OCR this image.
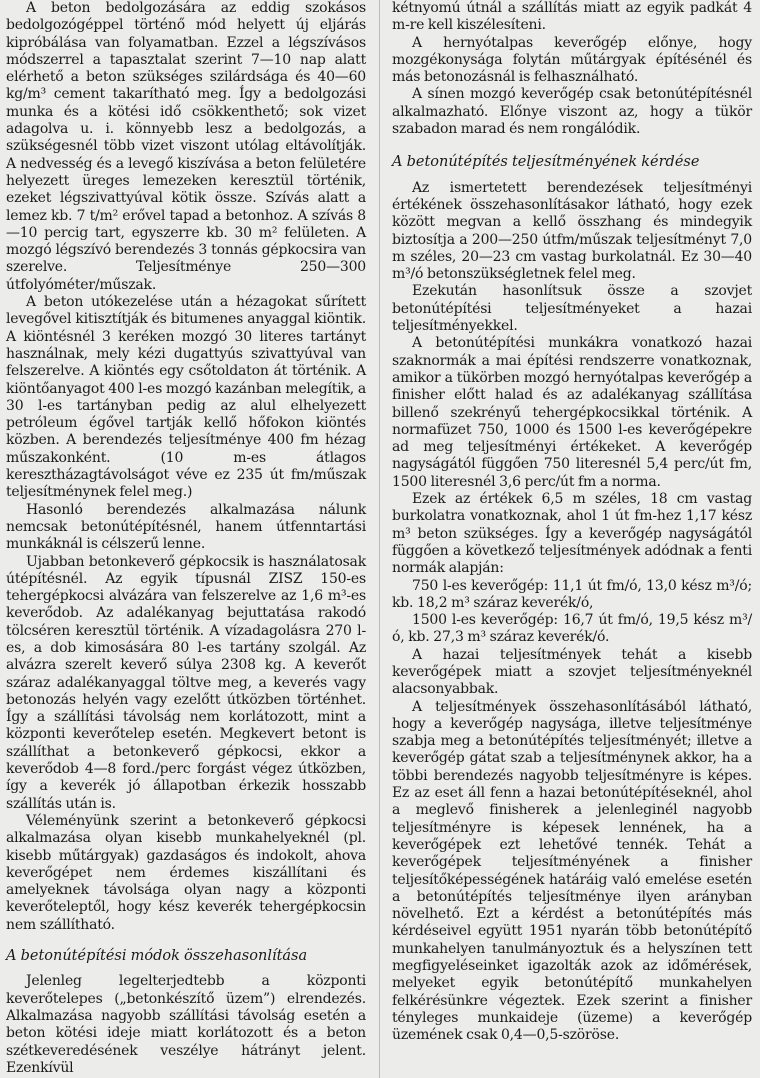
A beton bedolgozására az eddig szokásos bedolgozógéppel történő mód helyett új eljárás kipróbálása van folyamatban. Ezzel a légszívásos módszerrel a tapasztalat szerint 7—10 nap alatt elérhető a beton szükséges szilárdsága és 40—60 kg/m³ cement takarítható meg. Így a bedolgozási munka és a kötési idő csökkenthető; sok vizet adagolva u. i. könnyebb lesz a bedolgozás, a szükségesnél több vizet viszont utólag eltávolítják. A nedvesség és a levegő kiszívása a beton felületére helyezett üreges lemezeken keresztül történik, ezeket légszivattyúval kötik össze. Szívás alatt a lemez kb. 7 t/m² erővel tapad a betonhoz. A szívás 8—10 percig tart, egyszerre kb. 30 m² felületen. A mozgó légszívó berendezés 3 tonnás gépkocsira van szerelve. Teljesítménye 250—300 útfolyóméter/műszak.

A beton utókezelése után a hézagokat sűrített levegővel kitisztítják és bitumenes anyaggal kiöntik. A kiöntésnél 3 keréken mozgó 30 literes tartányt használnak, mely kézi dugattyús szivattyúval van felszerelve. A kiöntés egy csőtoldaton át történik. A kiöntőanyagot 400 l-es mozgó kazánban melegítik, a 30 l-es tartányban pedig az alul elhelyezett petróleum égővel tartják kellő hőfokon kiöntés közben. A berendezés teljesítménye 400 fm hézag műszakonként. (10 m-es átlagos keresztházagtávolságot véve ez 235 út fm/műszak teljesítménynek felel meg.)

Hasonló berendezés alkalmazása nálunk nemcsak betonútépítésnél, hanem útfenntartási munkáknál is célszerű lenne.

Ujabban betonkeverő gépkocsik is használatosak útépítésnél. Az egyik típusnál ZISZ 150-es tehergépkocsi alvázára van felszerelve az 1,6 m³-es keverődob. Az adalékanyag bejuttatása rakodó tölcséren keresztül történik. A vízadagolásra 270 l-es, a dob kimosására 80 l-es tartány szolgál. Az alvázra szerelt keverő súlya 2308 kg. A keverőt száraz adalékanyaggal töltve meg, a keverés vagy betonozás helyén vagy ezelőtt útközben történhet. Így a szállítási távolság nem korlátozott, mint a központi keverőtelep esetén. Megkevert betont is szállíthat a betonkeverő gépkocsi, ekkor a keverődob 4—8 ford./perc forgást végez útközben, így a keverék jó állapotban érkezik hosszabb szállítás után is.

Véleményünk szerint a betonkeverő gépkocsi alkalmazása olyan kisebb munkahelyeknél (pl. kisebb műtárgyak) gazdaságos és indokolt, ahova keverőgépet nem érdemes kiszállítani és amelyeknek távolsága olyan nagy a központi keverőteleptől, hogy kész keverék tehergépkocsin nem szállítható.

A betonútépítési módok összehasonlítása

Jelenleg legelterjedtebb a központi keverőtelepes („betonkészítő üzem”) elrendezés. Alkalmazása nagyobb szállítási távolság esetén a beton kötési ideje miatt korlátozott és a beton szétkeveredésének veszélye hátrányt jelent. Ezenkívül

kétnyomú útnál a szállítás miatt az egyik padkát 4 m-re kell kiszélesíteni.

A hernyótalpas keverőgép előnye, hogy mozgékonysága folytán műtárgyak építésénél és más betonozásnál is felhasználható.

A sínen mozgó keverőgép csak betonútépítésnél alkalmazható. Előnye viszont az, hogy a tükör szabadon marad és nem rongálódik.

A betonútépítés teljesítményének kérdése

Az ismertetett berendezések teljesítményi értékének összehasonlításakor látható, hogy ezek között megvan a kellő összhang és mindegyik biztosítja a 200—250 útfm/műszak teljesítményt 7,0 m széles, 20—23 cm vastag burkolatnál. Ez 30—40 m³/ó betonszükségletnek felel meg.

Ezekután hasonlítsuk össze a szovjet betonútépítési teljesítményeket a hazai teljesítményekkel.

A betonútépítési munkákra vonatkozó hazai szaknormák a mai építési rendszerre vonatkoznak, amikor a tükörben mozgó hernyótalpas keverőgép a finisher előtt halad és az adalékanyag szállítása billenő szekrényű tehergépkocsikkal történik. A normafüzet 750, 1000 és 1500 l-es keverőgépekre ad meg teljesítményi értékeket. A keverőgép nagyságától függően 750 literesnél 5,4 perc/út fm, 1500 literesnél 3,6 perc/út fm a norma.

Ezek az értékek 6,5 m széles, 18 cm vastag burkolatra vonatkoznak, ahol 1 út fm-hez 1,17 kész m³ beton szükséges. Így a keverőgép nagyságától függően a következő teljesítmények adódnak a fenti normák alapján:

750 l-es keverőgép: 11,1 út fm/ó, 13,0 kész m³/ó; kb. 18,2 m³ száraz keverék/ó,

1500 l-es keverőgép: 16,7 út fm/ó, 19,5 kész m³/ó, kb. 27,3 m³ száraz keverék/ó.

A hazai teljesítmények tehát a kisebb keverőgépek miatt a szovjet teljesítményeknél alacsonyabbak.

A teljesítmények összehasonlításából látható, hogy a keverőgép nagysága, illetve teljesítménye szabja meg a betonútépítés teljesítményét; illetve a keverőgép gátat szab a teljesítménynek akkor, ha a többi berendezés nagyobb teljesítményre is képes. Ez az eset áll fenn a hazai betonútépítéseknél, ahol a meglevő finisherek a jelenleginél nagyobb teljesítményre is képesek lennének, ha a keverőgépek ezt lehetővé tennék. Tehát a keverőgépek teljesítményének a finisher teljesítőképességének határáig való emelése esetén a betonútépítés teljesítménye ilyen arányban növelhető. Ezt a kérdést a betonútépítés más kérdéseivel együtt 1951 nyarán több betonútépítő munkahelyen tanulmányoztuk és a helyszínen tett megfigyeléseinket igazolták azok az időmérések, melyeket egyik betonútépítő munkahelyen felkérésünkre végeztek. Ezek szerint a finisher tényleges munkaideje (üzeme) a keverőgép üzemének csak 0,4—0,5-szöröse.
